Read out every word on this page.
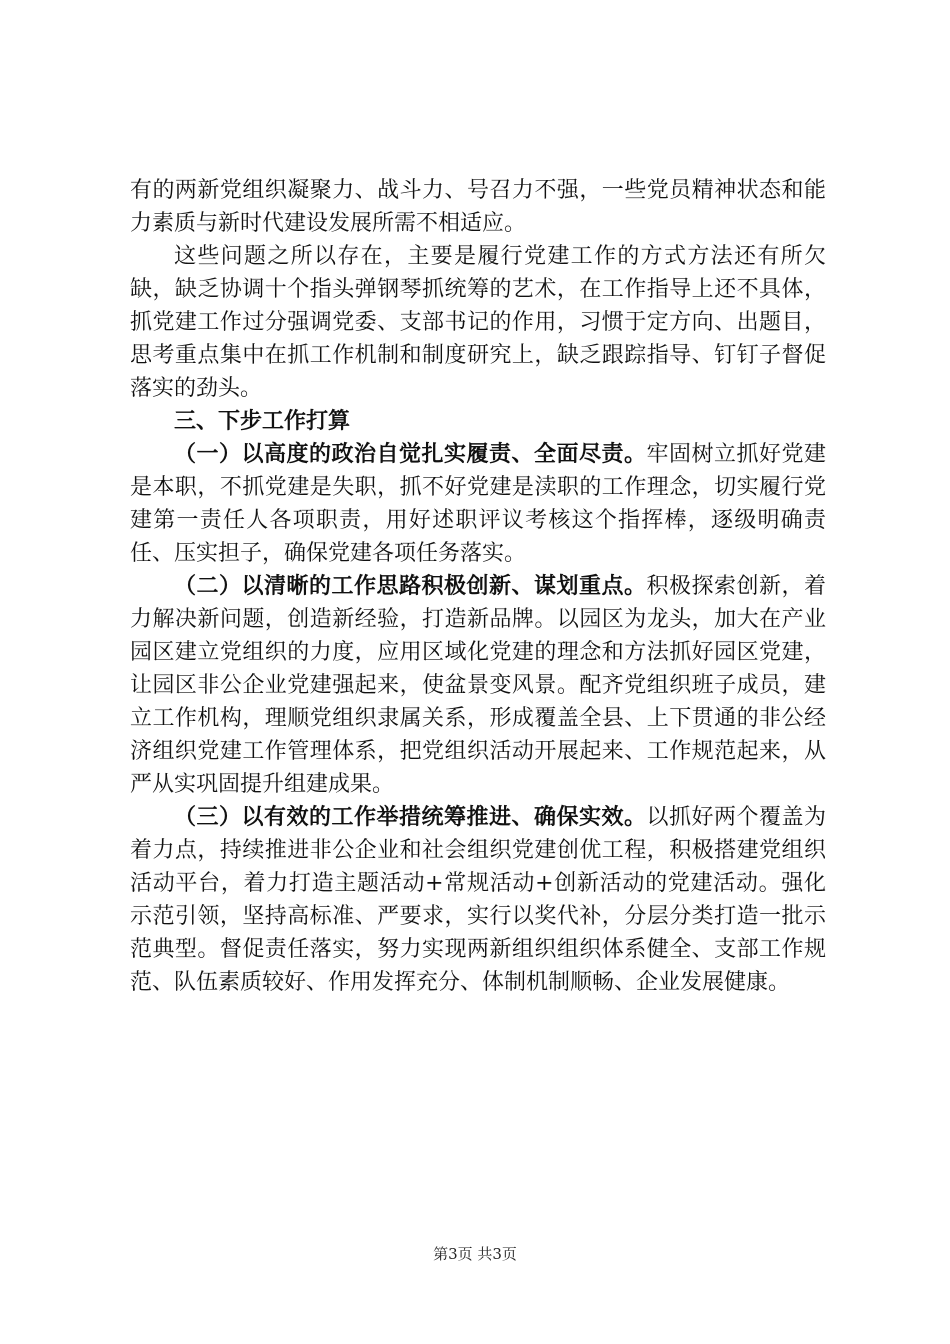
有的两新党组织凝聚力、战斗力、号召力不强，一些党员精神状态和能力素质与新时代建设发展所需不相适应。

这些问题之所以存在，主要是履行党建工作的方式方法还有所欠缺，缺乏协调十个指头弹钢琴抓统筹的艺术，在工作指导上还不具体，抓党建工作过分强调党委、支部书记的作用，习惯于定方向、出题目，思考重点集中在抓工作机制和制度研究上，缺乏跟踪指导、钉钉子督促落实的劲头。

三、下步工作打算

（一）以高度的政治自觉扎实履责、全面尽责。牢固树立抓好党建是本职，不抓党建是失职，抓不好党建是渎职的工作理念，切实履行党建第一责任人各项职责，用好述职评议考核这个指挥棒，逐级明确责任、压实担子，确保党建各项任务落实。

（二）以清晰的工作思路积极创新、谋划重点。积极探索创新，着力解决新问题，创造新经验，打造新品牌。以园区为龙头，加大在产业园区建立党组织的力度，应用区域化党建的理念和方法抓好园区党建，让园区非公企业党建强起来，使盆景变风景。配齐党组织班子成员，建立工作机构，理顺党组织隶属关系，形成覆盖全县、上下贯通的非公经济组织党建工作管理体系，把党组织活动开展起来、工作规范起来，从严从实巩固提升组建成果。

（三）以有效的工作举措统筹推进、确保实效。以抓好两个覆盖为着力点，持续推进非公企业和社会组织党建创优工程，积极搭建党组织活动平台，着力打造主题活动+常规活动+创新活动的党建活动。强化示范引领，坚持高标准、严要求，实行以奖代补，分层分类打造一批示范典型。督促责任落实，努力实现两新组织组织体系健全、支部工作规范、队伍素质较好、作用发挥充分、体制机制顺畅、企业发展健康。

第3页 共3页
